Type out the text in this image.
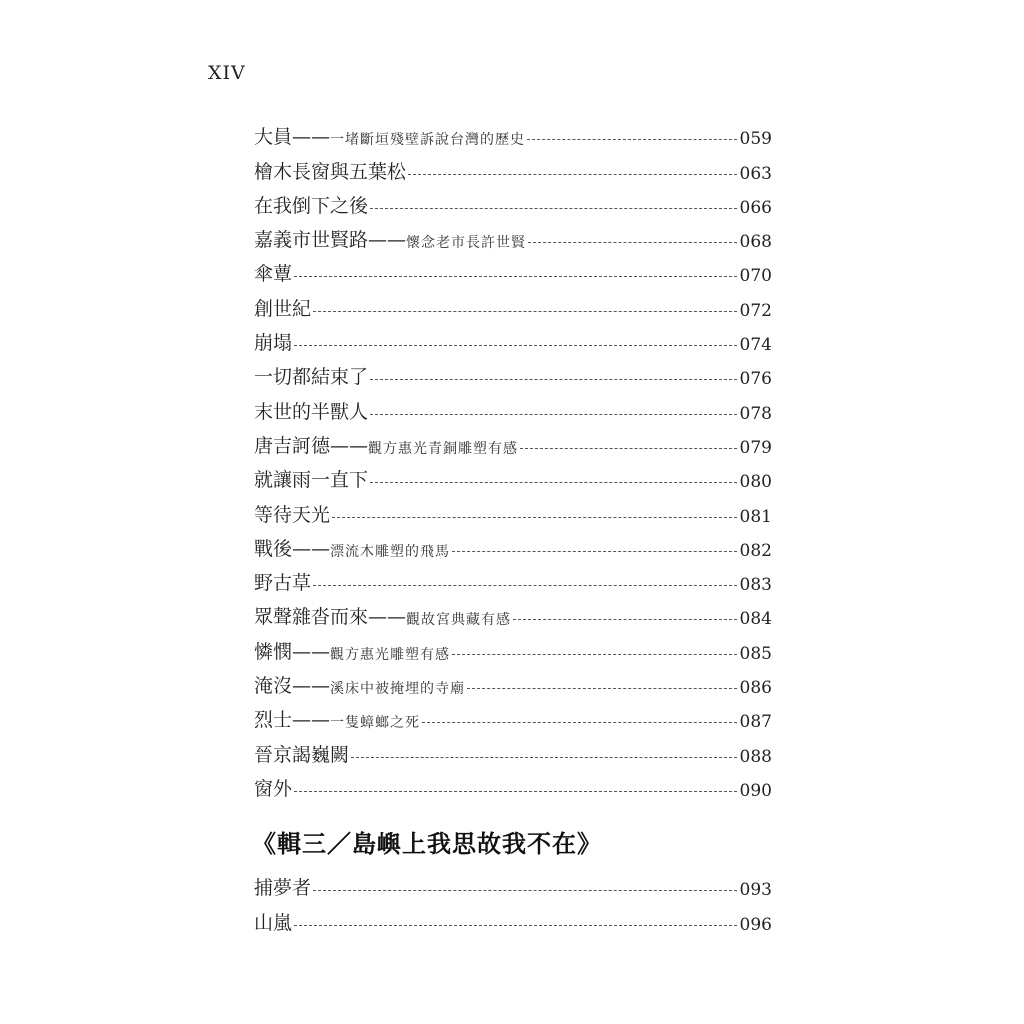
XIV
大員—— 一堵斷垣殘壁訴說台灣的歷史	059
檜木長窗與五葉松	063
在我倒下之後	066
嘉義市世賢路—— 懷念老市長許世賢	068
傘蕈	070
創世紀	072
崩塌	074
一切都結束了	076
末世的半獸人	078
唐吉訶德—— 觀方惠光青銅雕塑有感	079
就讓雨一直下	080
等待天光	081
戰後—— 漂流木雕塑的飛馬	082
野古草	083
眾聲雜沓而來—— 觀故宮典藏有感	084
憐憫—— 觀方惠光雕塑有感	085
淹沒—— 溪床中被掩埋的寺廟	086
烈士—— 一隻蟑螂之死	087
晉京謁巍闕	088
窗外	090
《輯三／島嶼上我思故我不在》
捕夢者	093
山嵐	096
